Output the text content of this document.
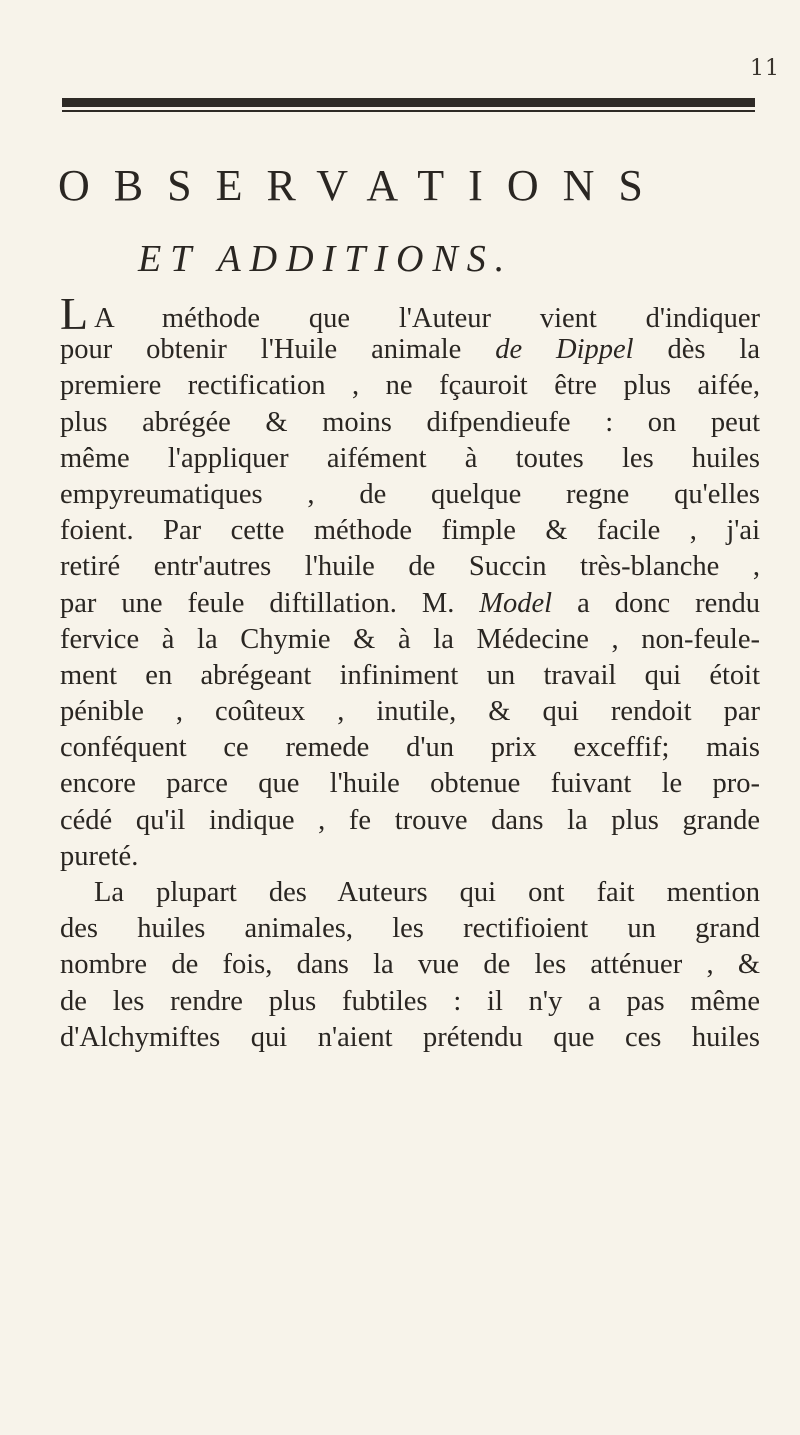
11
OBSERVATIONS
ET ADDITIONS.
L A méthode que l'Auteur vient d'indiquer
pour obtenir l'Huile animale de Dippel dès la
premiere rectification , ne fçauroit être plus aifée,
plus abrégée & moins difpendieufe : on peut
même l'appliquer aifément à toutes les huiles
empyreumatiques , de quelque regne qu'elles
foient. Par cette méthode fimple & facile , j'ai
retiré entr'autres l'huile de Succin très-blanche ,
par une feule diftillation. M. Model a donc rendu
fervice à la Chymie & à la Médecine , non-feule-
ment en abrégeant infiniment un travail qui étoit
pénible , coûteux , inutile, & qui rendoit par
conféquent ce remede d'un prix exceffif; mais
encore parce que l'huile obtenue fuivant le pro-
cédé qu'il indique , fe trouve dans la plus grande
pureté.
La plupart des Auteurs qui ont fait mention
des huiles animales, les rectifioient un grand
nombre de fois, dans la vue de les atténuer , &
de les rendre plus fubtiles : il n'y a pas même
d'Alchymiftes qui n'aient prétendu que ces huiles
